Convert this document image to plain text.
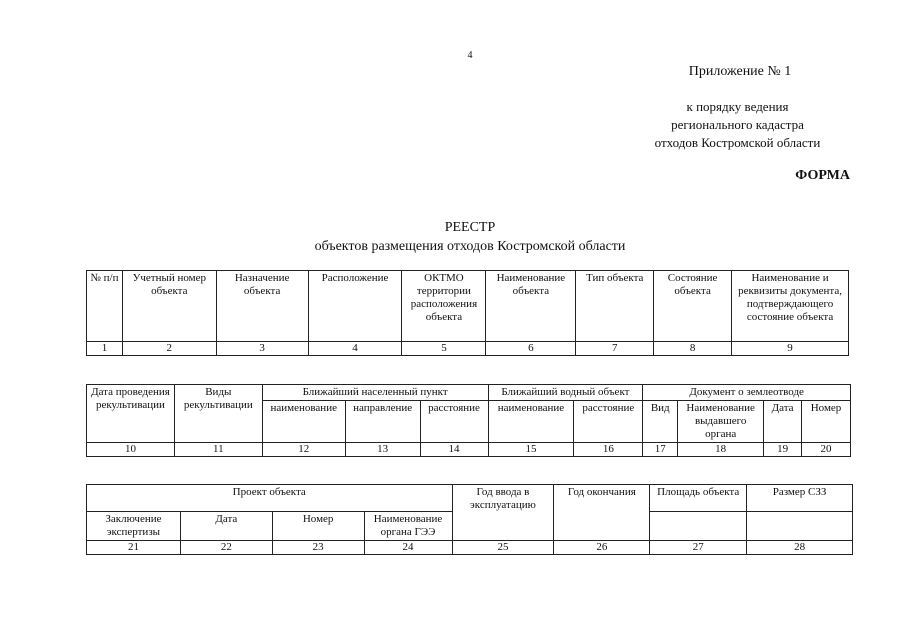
4
Приложение № 1
к порядку ведения
регионального кадастра
отходов Костромской области
ФОРМА
РЕЕСТР
объектов размещения отходов Костромской области
№ п/п	Учетный номер объекта	Назначение объекта	Расположение	ОКТМО территории расположения объекта	Наименование объекта	Тип объекта	Состояние объекта	Наименование и реквизиты документа, подтверждающего состояние объекта
1	2	3	4	5	6	7	8	9
Дата проведения рекультивации	Виды рекультивации	Ближайший населенный пункт			Ближайший водный объект		Документ о землеотводе			
		наименование	направление	расстояние	наименование	расстояние	Вид	Наименование выдавшего органа	Дата	Номер
10	11	12	13	14	15	16	17	18	19	20
Проект объекта				Год ввода в эксплуатацию	Год окончания	Площадь объекта	Размер СЗЗ
Заключение экспертизы	Дата	Номер	Наименование органа ГЭЭ				
21	22	23	24	25	26	27	28
